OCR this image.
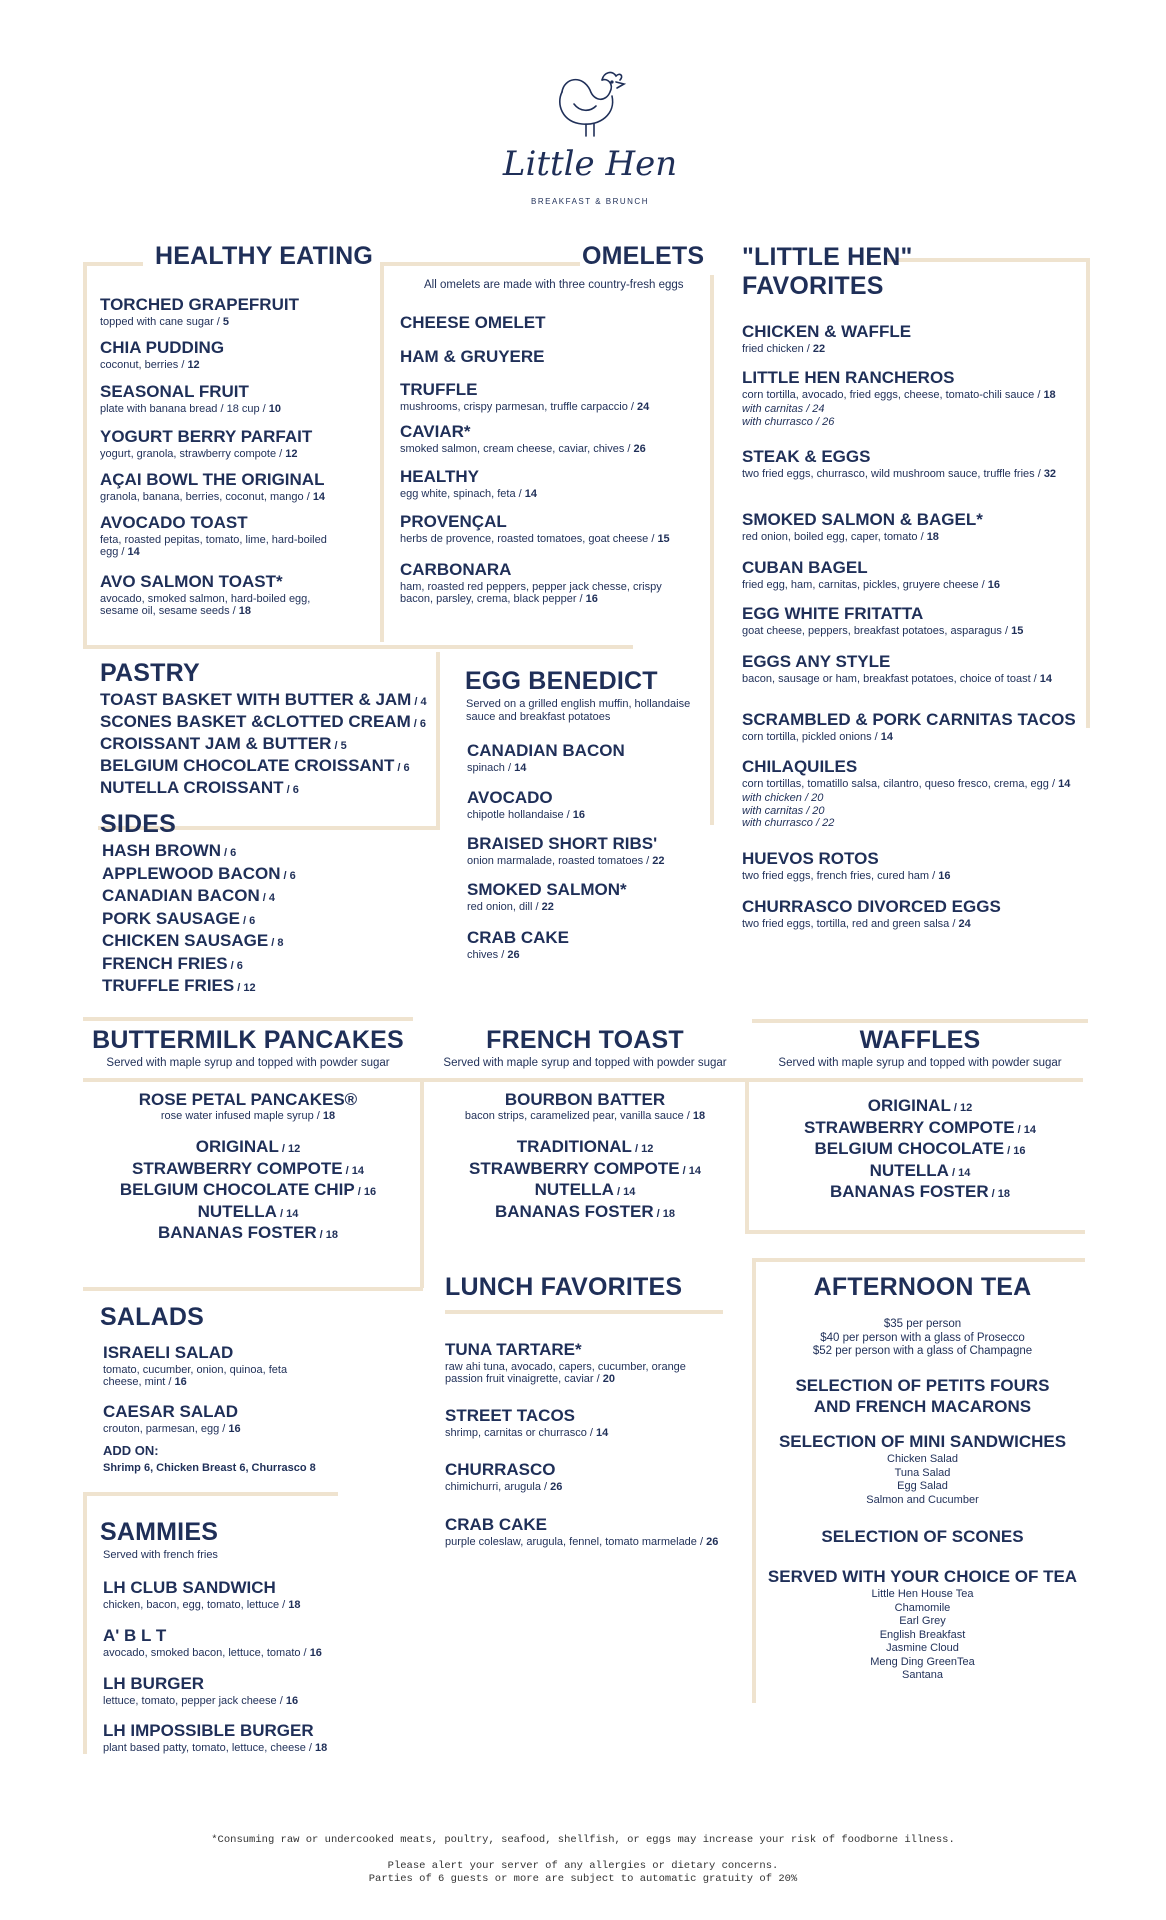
Little Hen
BREAKFAST & BRUNCH
HEALTHY EATING
TORCHED GRAPEFRUIT
topped with cane sugar / 5
CHIA PUDDING
coconut, berries / 12
SEASONAL FRUIT
plate with banana bread / 18 cup / 10
YOGURT BERRY PARFAIT
yogurt, granola, strawberry compote / 12
AÇAI BOWL THE ORIGINAL
granola, banana, berries, coconut, mango / 14
AVOCADO TOAST
feta, roasted pepitas, tomato, lime, hard-boiled egg / 14
AVO SALMON TOAST*
avocado, smoked salmon, hard-boiled egg, sesame oil, sesame seeds / 18
OMELETS
All omelets are made with three country-fresh eggs
CHEESE OMELET
HAM & GRUYERE
TRUFFLE
mushrooms, crispy parmesan, truffle carpaccio / 24
CAVIAR*
smoked salmon, cream cheese, caviar, chives / 26
HEALTHY
egg white, spinach, feta / 14
PROVENÇAL
herbs de provence, roasted tomatoes, goat cheese / 15
CARBONARA
ham, roasted red peppers, pepper jack chesse, crispy bacon, parsley, crema, black pepper / 16
"LITTLE HEN"
FAVORITES
CHICKEN & WAFFLE
fried chicken / 22
LITTLE HEN RANCHEROS
corn tortilla, avocado, fried eggs, cheese, tomato-chili sauce / 18
with carnitas / 24
with churrasco / 26
STEAK & EGGS
two fried eggs, churrasco, wild mushroom sauce, truffle fries / 32
SMOKED SALMON & BAGEL*
red onion, boiled egg, caper, tomato / 18
CUBAN BAGEL
fried egg, ham, carnitas, pickles, gruyere cheese / 16
EGG WHITE FRITATTA
goat cheese, peppers, breakfast potatoes, asparagus / 15
EGGS ANY STYLE
bacon, sausage or ham, breakfast potatoes, choice of toast / 14
SCRAMBLED & PORK CARNITAS TACOS
corn tortilla, pickled onions / 14
CHILAQUILES
corn tortillas, tomatillo salsa, cilantro, queso fresco, crema, egg / 14
with chicken / 20
with carnitas / 20
with churrasco / 22
HUEVOS ROTOS
two fried eggs, french fries, cured ham / 16
CHURRASCO DIVORCED EGGS
two fried eggs, tortilla, red and green salsa / 24
PASTRY
TOAST BASKET WITH BUTTER & JAM / 4
SCONES BASKET &CLOTTED CREAM / 6
CROISSANT JAM & BUTTER / 5
BELGIUM CHOCOLATE CROISSANT / 6
NUTELLA CROISSANT / 6
SIDES
HASH BROWN / 6
APPLEWOOD BACON / 6
CANADIAN BACON / 4
PORK SAUSAGE / 6
CHICKEN SAUSAGE / 8
FRENCH FRIES / 6
TRUFFLE FRIES / 12
EGG BENEDICT
Served on a grilled english muffin, hollandaise sauce and breakfast potatoes
CANADIAN BACON
spinach / 14
AVOCADO
chipotle hollandaise / 16
BRAISED SHORT RIBS'
onion marmalade, roasted tomatoes / 22
SMOKED SALMON*
red onion, dill / 22
CRAB CAKE
chives / 26
BUTTERMILK PANCAKES
Served with maple syrup and topped with powder sugar
ROSE PETAL PANCAKES®
rose water infused maple syrup / 18
ORIGINAL / 12
STRAWBERRY COMPOTE / 14
BELGIUM CHOCOLATE CHIP / 16
NUTELLA / 14
BANANAS FOSTER / 18
FRENCH TOAST
Served with maple syrup and topped with powder sugar
BOURBON BATTER
bacon strips, caramelized pear, vanilla sauce / 18
TRADITIONAL / 12
STRAWBERRY COMPOTE / 14
NUTELLA / 14
BANANAS FOSTER / 18
WAFFLES
Served with maple syrup and topped with powder sugar
ORIGINAL / 12
STRAWBERRY COMPOTE / 14
BELGIUM CHOCOLATE / 16
NUTELLA / 14
BANANAS FOSTER / 18
SALADS
ISRAELI SALAD
tomato, cucumber, onion, quinoa, feta cheese, mint / 16
CAESAR SALAD
crouton, parmesan, egg / 16
ADD ON:
Shrimp 6, Chicken Breast 6, Churrasco 8
SAMMIES
Served with french fries
LH CLUB SANDWICH
chicken, bacon, egg, tomato, lettuce / 18
A' B L T
avocado, smoked bacon, lettuce, tomato / 16
LH BURGER
lettuce, tomato, pepper jack cheese / 16
LH IMPOSSIBLE BURGER
plant based patty, tomato, lettuce, cheese / 18
LUNCH FAVORITES
TUNA TARTARE*
raw ahi tuna, avocado, capers, cucumber, orange passion fruit vinaigrette, caviar / 20
STREET TACOS
shrimp, carnitas or churrasco / 14
CHURRASCO
chimichurri, arugula / 26
CRAB CAKE
purple coleslaw, arugula, fennel, tomato marmelade / 26
AFTERNOON TEA
$35 per person
$40 per person with a glass of Prosecco
$52 per person with a glass of Champagne
SELECTION OF PETITS FOURS AND FRENCH MACARONS
SELECTION OF MINI SANDWICHES
Chicken Salad
Tuna Salad
Egg Salad
Salmon and Cucumber
SELECTION OF SCONES
SERVED WITH YOUR CHOICE OF TEA
Little Hen House Tea
Chamomile
Earl Grey
English Breakfast
Jasmine Cloud
Meng Ding GreenTea
Santana
*Consuming raw or undercooked meats, poultry, seafood, shellfish, or eggs may increase your risk of foodborne illness.
Please alert your server of any allergies or dietary concerns.
Parties of 6 guests or more are subject to automatic gratuity of 20%
